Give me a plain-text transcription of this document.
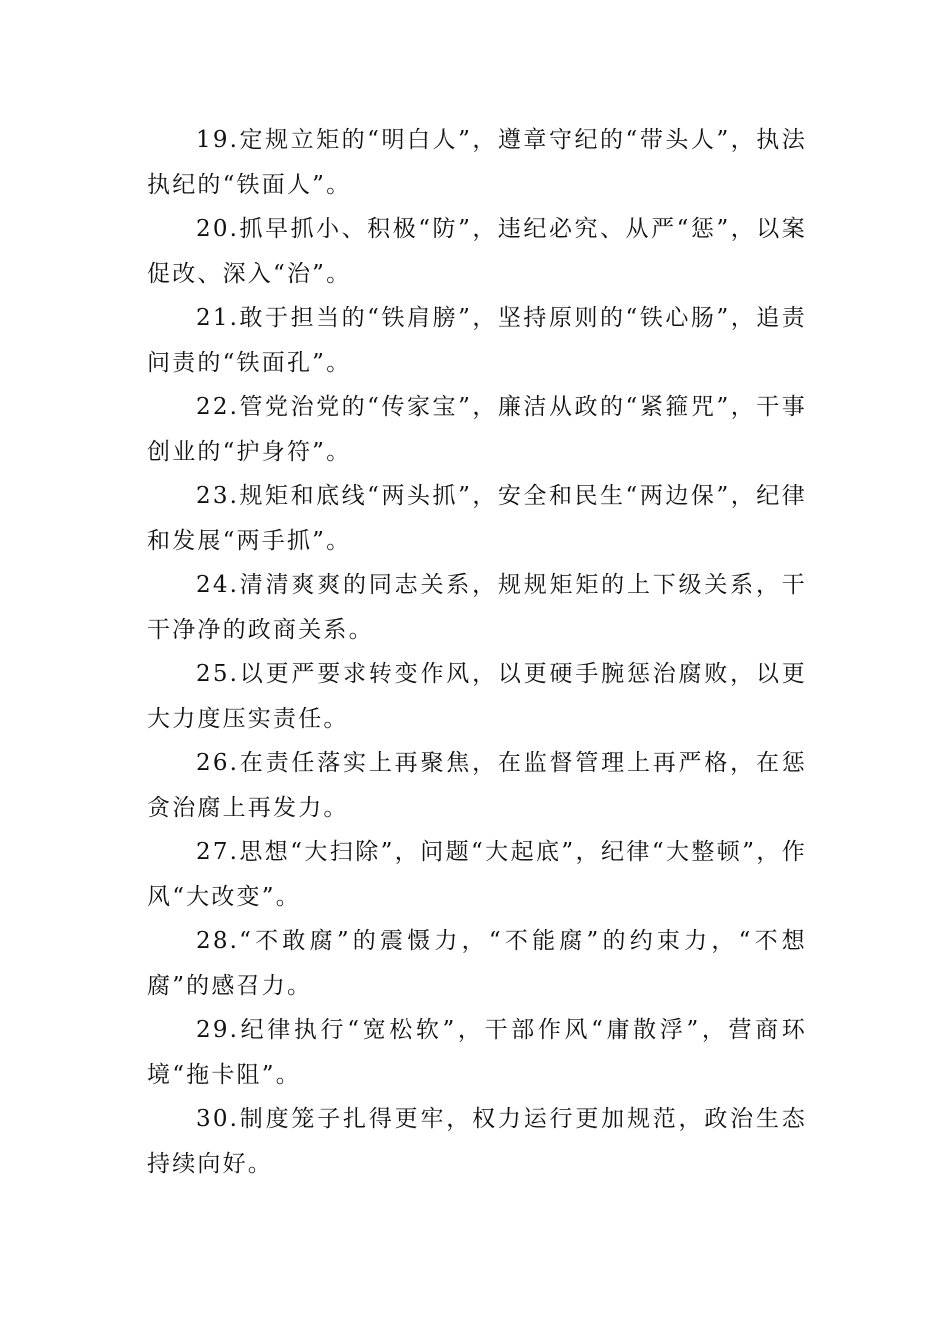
19.定规立矩的“明白人”，遵章守纪的“带头人”，执法执纪的“铁面人”。

20.抓早抓小、积极“防”，违纪必究、从严“惩”，以案促改、深入“治”。

21.敢于担当的“铁肩膀”，坚持原则的“铁心肠”，追责问责的“铁面孔”。

22.管党治党的“传家宝”，廉洁从政的“紧箍咒”，干事创业的“护身符”。

23.规矩和底线“两头抓”，安全和民生“两边保”，纪律和发展“两手抓”。

24.清清爽爽的同志关系，规规矩矩的上下级关系，干干净净的政商关系。

25.以更严要求转变作风，以更硬手腕惩治腐败，以更大力度压实责任。

26.在责任落实上再聚焦，在监督管理上再严格，在惩贪治腐上再发力。

27.思想“大扫除”，问题“大起底”，纪律“大整顿”，作风“大改变”。

28.“不敢腐”的震慑力，“不能腐”的约束力，“不想腐”的感召力。

29.纪律执行“宽松软”，干部作风“庸散浮”，营商环境“拖卡阻”。

30.制度笼子扎得更牢，权力运行更加规范，政治生态持续向好。
